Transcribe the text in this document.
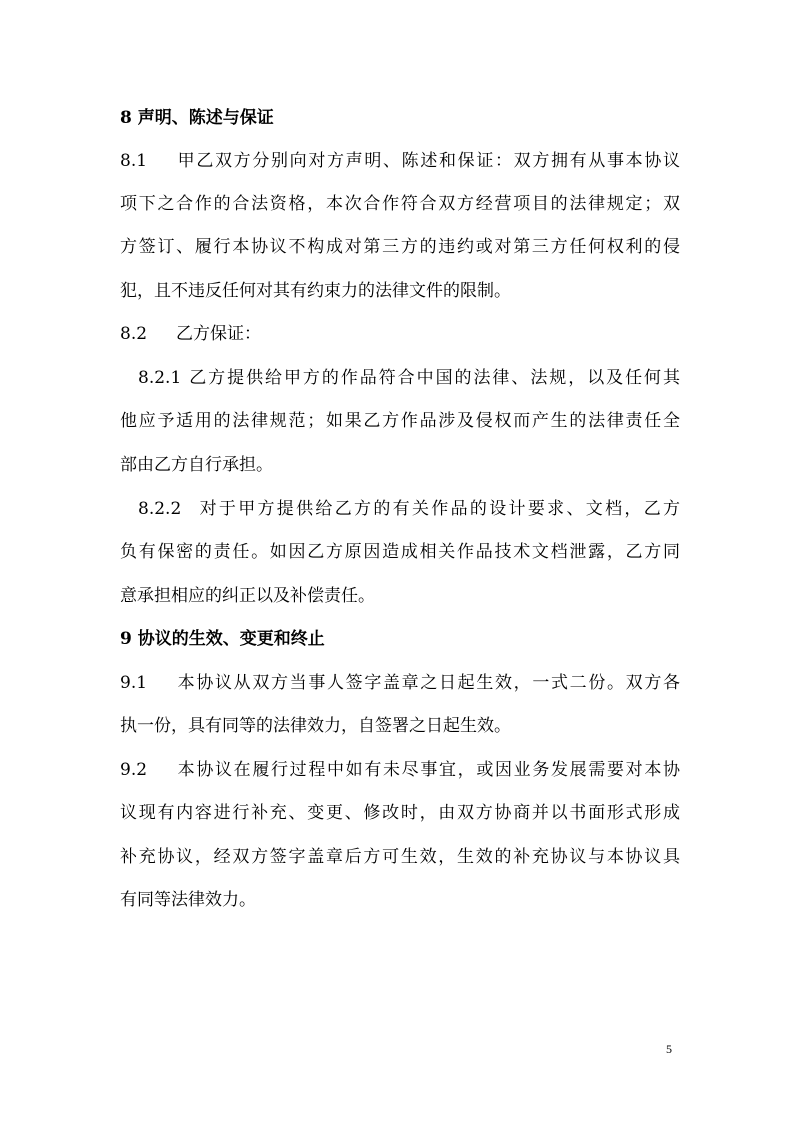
8 声明、陈述与保证
8.1 甲乙双方分别向对方声明、陈述和保证：双方拥有从事本协议
项下之合作的合法资格，本次合作符合双方经营项目的法律规定；双
方签订、履行本协议不构成对第三方的违约或对第三方任何权利的侵
犯，且不违反任何对其有约束力的法律文件的限制。
8.2 乙方保证：
8.2.1 乙方提供给甲方的作品符合中国的法律、法规，以及任何其
他应予适用的法律规范；如果乙方作品涉及侵权而产生的法律责任全
部由乙方自行承担。
8.2.2 对于甲方提供给乙方的有关作品的设计要求、文档，乙方
负有保密的责任。如因乙方原因造成相关作品技术文档泄露，乙方同
意承担相应的纠正以及补偿责任。
9 协议的生效、变更和终止
9.1 本协议从双方当事人签字盖章之日起生效，一式二份。双方各
执一份，具有同等的法律效力，自签署之日起生效。
9.2 本协议在履行过程中如有未尽事宜，或因业务发展需要对本协
议现有内容进行补充、变更、修改时，由双方协商并以书面形式形成
补充协议，经双方签字盖章后方可生效，生效的补充协议与本协议具
有同等法律效力。
5
